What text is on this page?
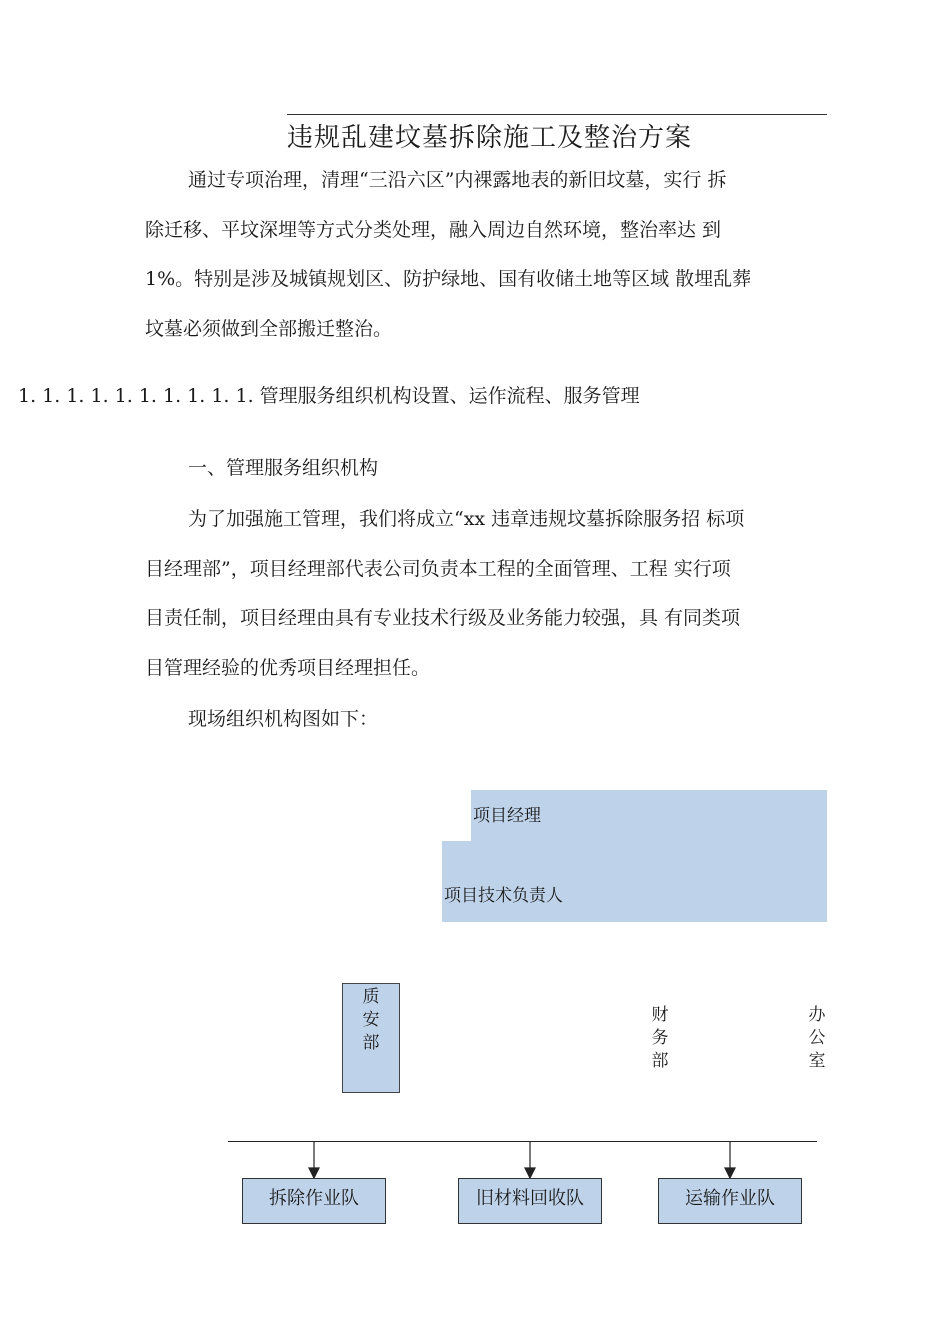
违规乱建坟墓拆除施工及整治方案
通过专项治理，清理“三沿六区”内裸露地表的新旧坟墓，实行 拆
除迁移、平坟深埋等方式分类处理，融入周边自然环境，整治率达 到
1%。特别是涉及城镇规划区、防护绿地、国有收储土地等区域 散埋乱葬
坟墓必须做到全部搬迁整治。
1. 1. 1. 1. 1. 1. 1. 1. 1. 1. 管理服务组织机构设置、运作流程、服务管理
一、管理服务组织机构
为了加强施工管理，我们将成立“xx 违章违规坟墓拆除服务招 标项
目经理部”，项目经理部代表公司负责本工程的全面管理、工程 实行项
目责任制，项目经理由具有专业技术行级及业务能力较强，具 有同类项
目管理经验的优秀项目经理担任。
现场组织机构图如下：
项目经理
项目技术负责人
质
安
部
财
务
部
办
公
室
拆除作业队	旧材料回收队	运输作业队
